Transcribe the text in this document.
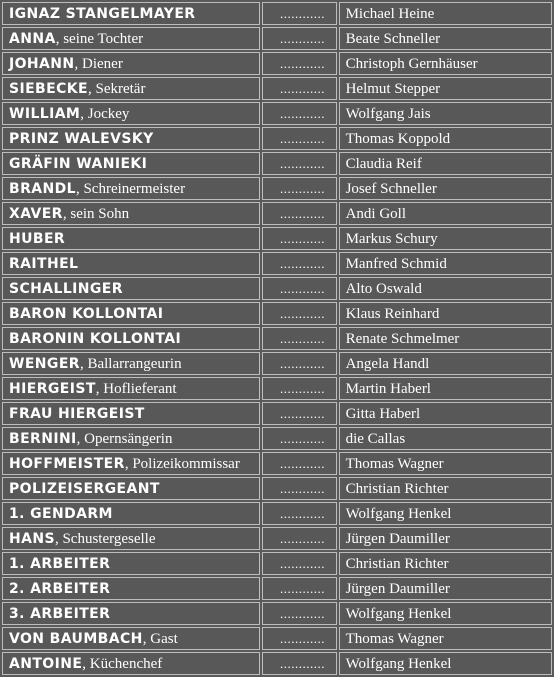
IGNAZ STANGELMAYER	............	Michael Heine
ANNA, seine Tochter	............	Beate Schneller
JOHANN, Diener	............	Christoph Gernhäuser
SIEBECKE, Sekretär	............	Helmut Stepper
WILLIAM, Jockey	............	Wolfgang Jais
PRINZ WALEVSKY	............	Thomas Koppold
GRÄFIN WANIEKI	............	Claudia Reif
BRANDL, Schreinermeister	............	Josef Schneller
XAVER, sein Sohn	............	Andi Goll
HUBER	............	Markus Schury
RAITHEL	............	Manfred Schmid
SCHALLINGER	............	Alto Oswald
BARON KOLLONTAI	............	Klaus Reinhard
BARONIN KOLLONTAI	............	Renate Schmelmer
WENGER, Ballarrangeurin	............	Angela Handl
HIERGEIST, Hoflieferant	............	Martin Haberl
FRAU HIERGEIST	............	Gitta Haberl
BERNINI, Opernsängerin	............	die Callas
HOFFMEISTER, Polizeikommissar	............	Thomas Wagner
POLIZEISERGEANT	............	Christian Richter
1. GENDARM	............	Wolfgang Henkel
HANS, Schustergeselle	............	Jürgen Daumiller
1. ARBEITER	............	Christian Richter
2. ARBEITER	............	Jürgen Daumiller
3. ARBEITER	............	Wolfgang Henkel
VON BAUMBACH, Gast	............	Thomas Wagner
ANTOINE, Küchenchef	............	Wolfgang Henkel
